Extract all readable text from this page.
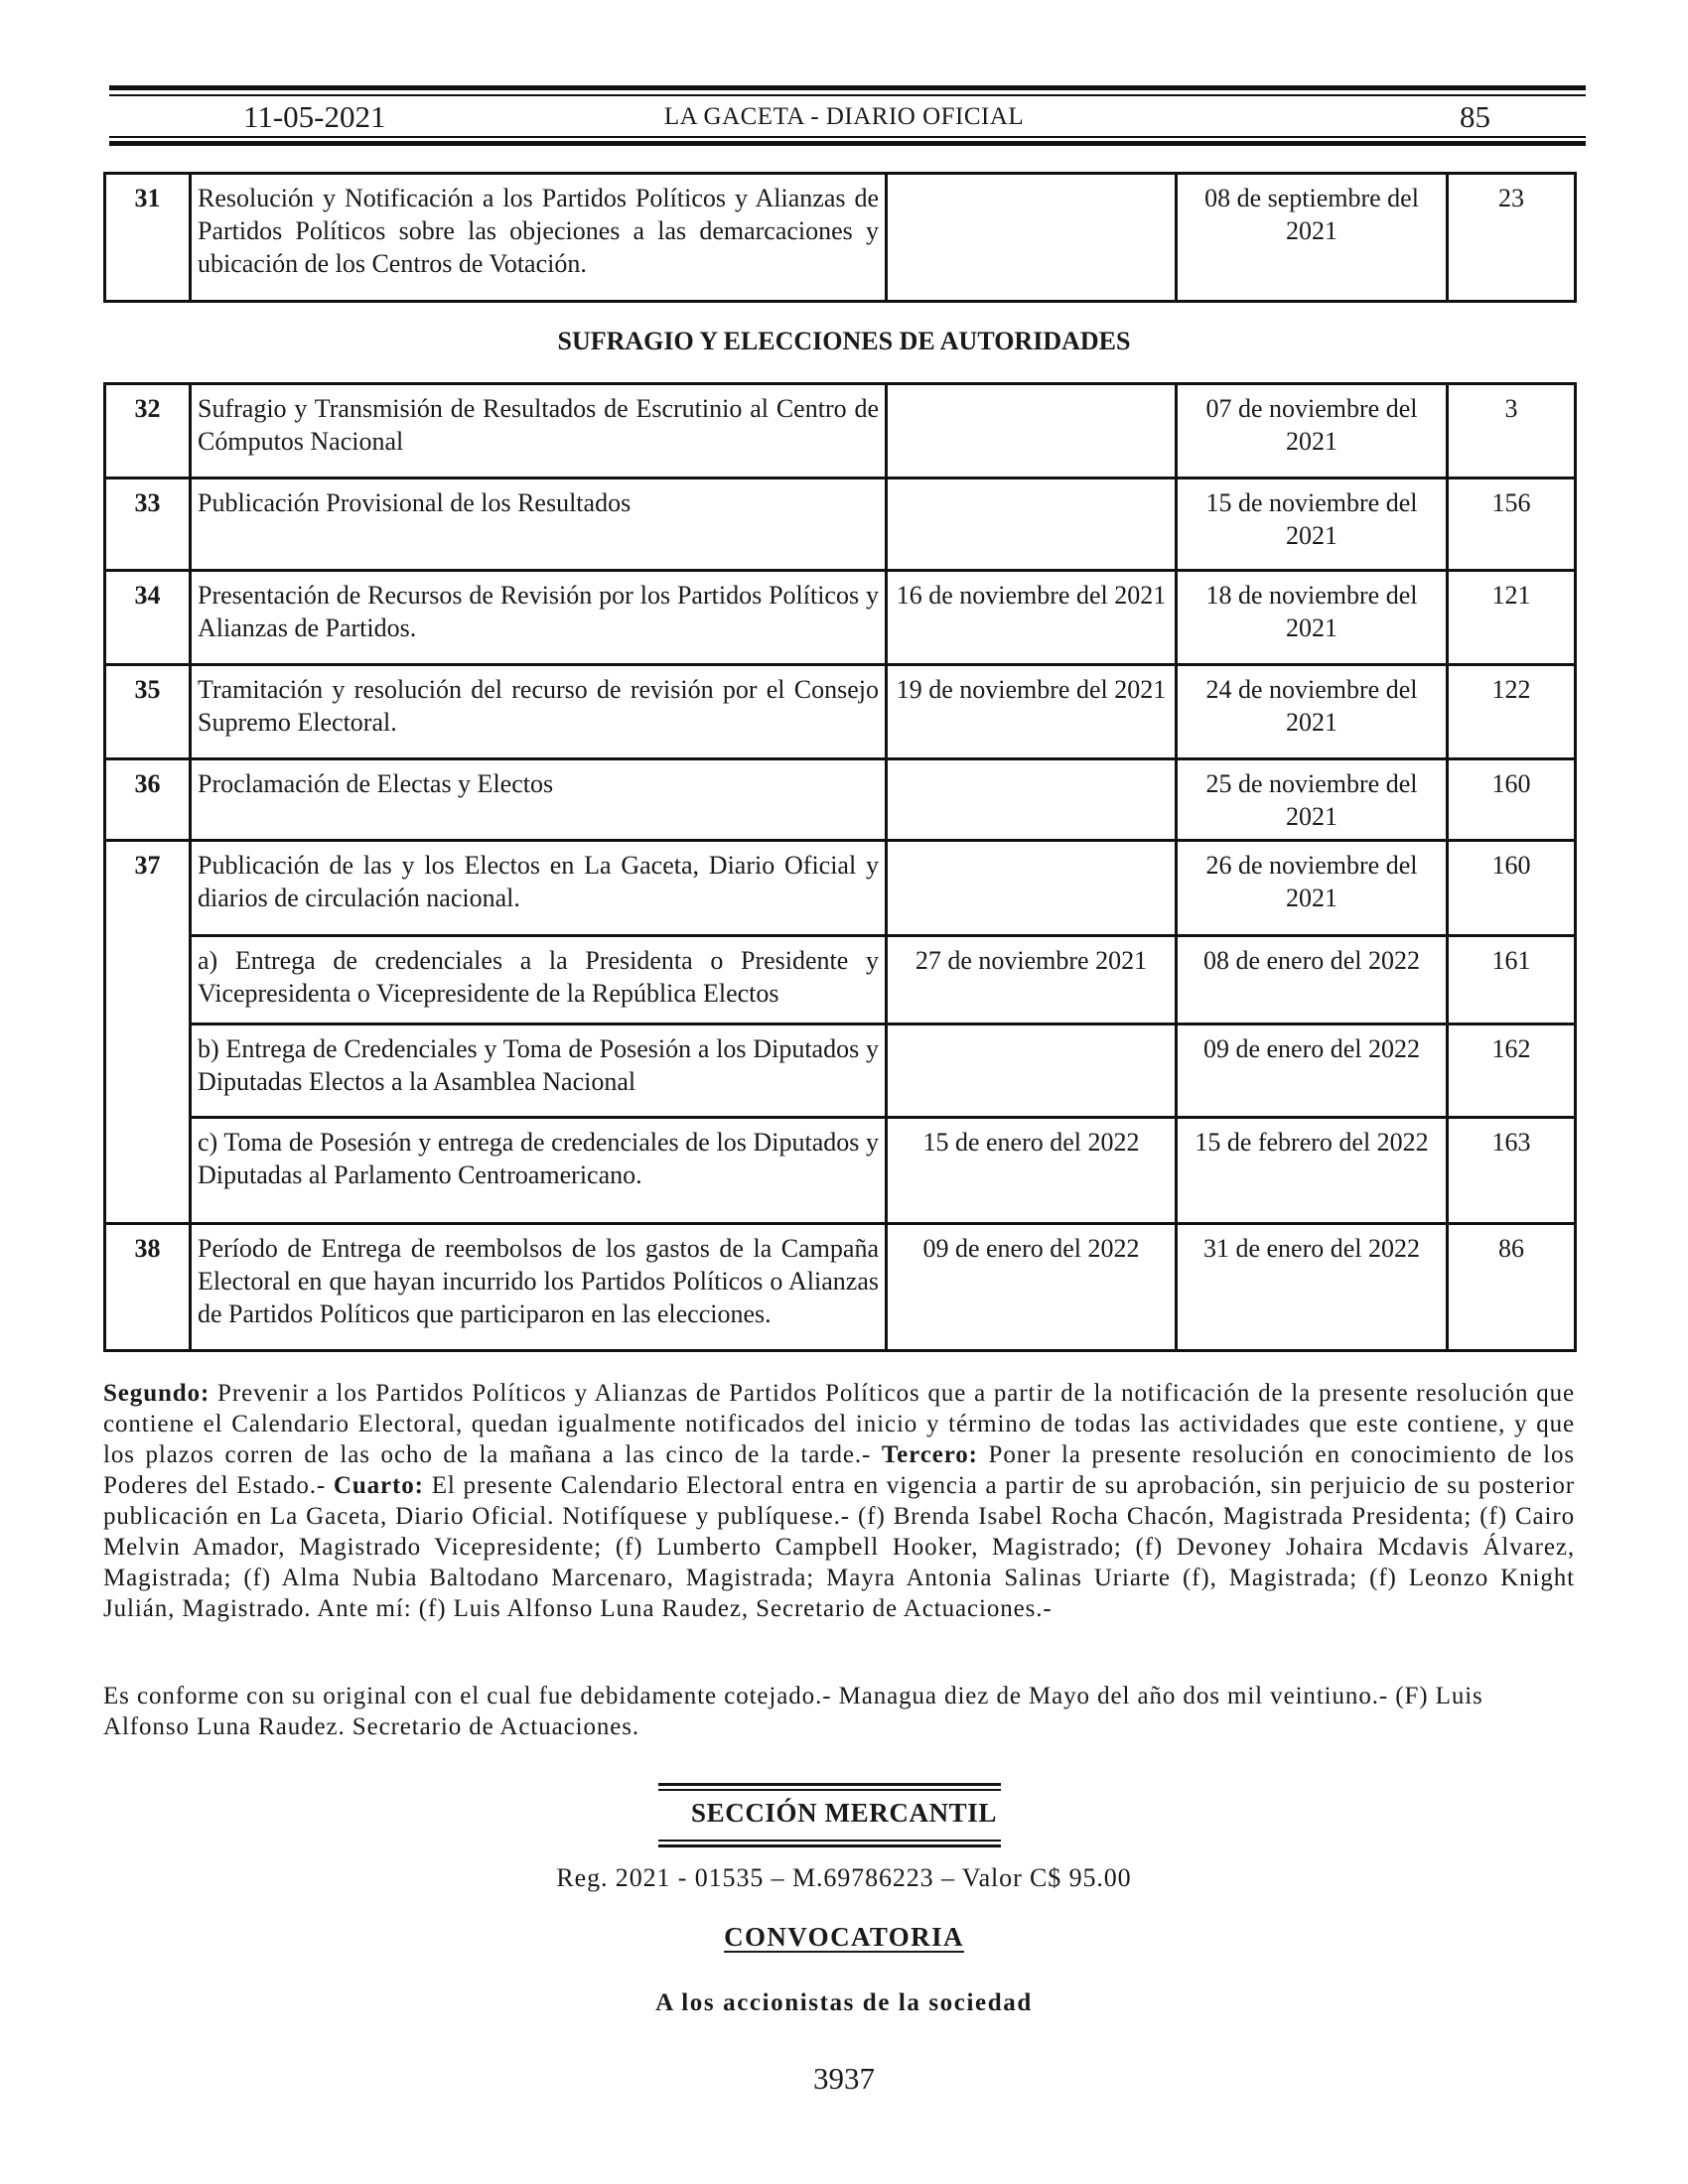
11-05-2021	LA GACETA - DIARIO OFICIAL	85
31	Resolución y Notificación a los Partidos Políticos y Alianzas de Partidos Políticos sobre las objeciones a las demarcaciones y ubicación de los Centros de Votación.		08 de septiembre del 2021	23
SUFRAGIO Y ELECCIONES DE AUTORIDADES
32	Sufragio y Transmisión de Resultados de Escrutinio al Centro de Cómputos Nacional		07 de noviembre del 2021	3
33	Publicación Provisional de los Resultados		15 de noviembre del 2021	156
34	Presentación de Recursos de Revisión por los Partidos Políticos y Alianzas de Partidos.	16 de noviembre del 2021	18 de noviembre del 2021	121
35	Tramitación y resolución del recurso de revisión por el Consejo Supremo Electoral.	19 de noviembre del 2021	24 de noviembre del 2021	122
36	Proclamación de Electas y Electos		25 de noviembre del 2021	160
37	Publicación de las y los Electos en La Gaceta, Diario Oficial y diarios de circulación nacional.		26 de noviembre del 2021	160
	a) Entrega de credenciales a la Presidenta o Presidente y Vicepresidenta o Vicepresidente de la República Electos	27 de noviembre 2021	08 de enero del 2022	161
	b) Entrega de Credenciales y Toma de Posesión a los Diputados y Diputadas Electos a la Asamblea Nacional		09 de enero del 2022	162
	c) Toma de Posesión y entrega de credenciales de los Diputados y Diputadas al Parlamento Centroamericano.	15 de enero del 2022	15 de febrero del 2022	163
38	Período de Entrega de reembolsos de los gastos de la Campaña Electoral en que hayan incurrido los Partidos Políticos o Alianzas de Partidos Políticos que participaron en las elecciones.	09 de enero del 2022	31 de enero del 2022	86
Segundo: Prevenir a los Partidos Políticos y Alianzas de Partidos Políticos que a partir de la notificación de la presente resolución que contiene el Calendario Electoral, quedan igualmente notificados del inicio y término de todas las actividades que este contiene, y que los plazos corren de las ocho de la mañana a las cinco de la tarde.- Tercero: Poner la presente resolución en conocimiento de los Poderes del Estado.- Cuarto: El presente Calendario Electoral entra en vigencia a partir de su aprobación, sin perjuicio de su posterior publicación en La Gaceta, Diario Oficial. Notifíquese y publíquese.- (f) Brenda Isabel Rocha Chacón, Magistrada Presidenta; (f) Cairo Melvin Amador, Magistrado Vicepresidente; (f) Lumberto Campbell Hooker, Magistrado; (f) Devoney Johaira Mcdavis Álvarez, Magistrada; (f) Alma Nubia Baltodano Marcenaro, Magistrada; Mayra Antonia Salinas Uriarte (f), Magistrada; (f) Leonzo Knight Julián, Magistrado. Ante mí: (f) Luis Alfonso Luna Raudez, Secretario de Actuaciones.-
Es conforme con su original con el cual fue debidamente cotejado.- Managua diez de Mayo del año dos mil veintiuno.- (F) Luis Alfonso Luna Raudez. Secretario de Actuaciones.
SECCIÓN MERCANTIL
Reg. 2021 - 01535 – M.69786223 – Valor C$ 95.00
CONVOCATORIA
A los accionistas de la sociedad
3937
